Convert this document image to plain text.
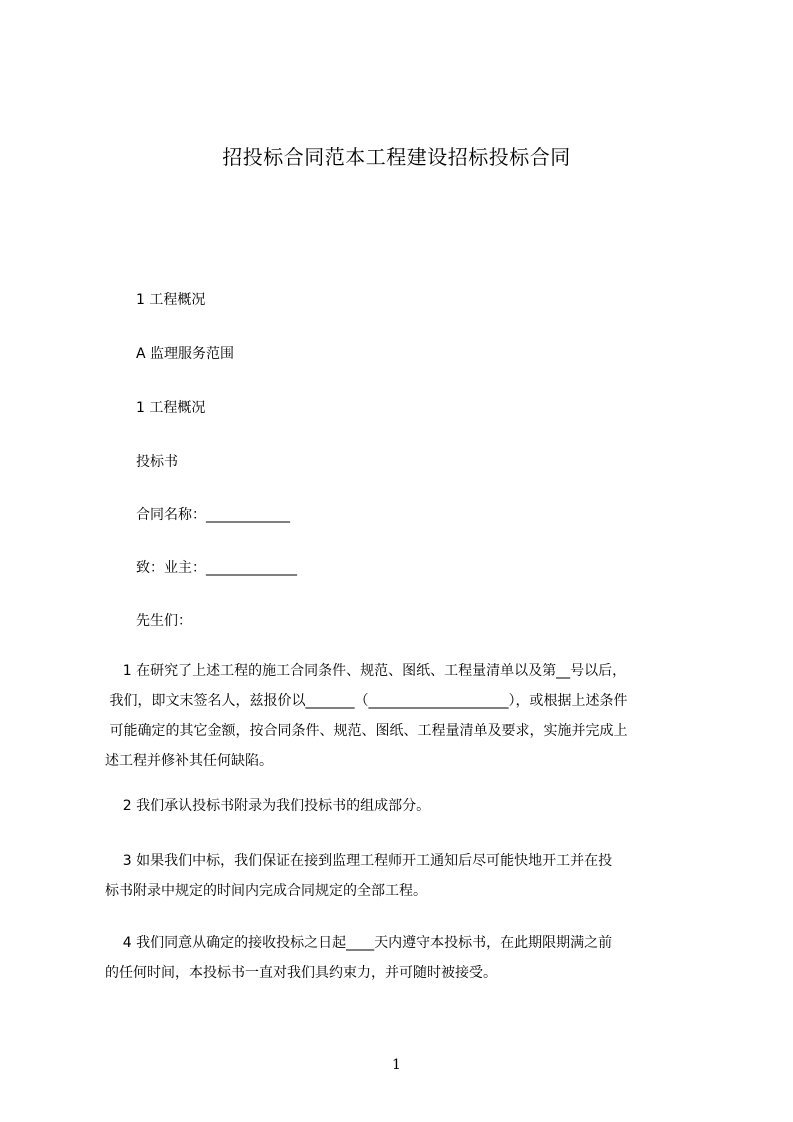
招投标合同范本工程建设招标投标合同

1 工程概况

A 监理服务范围

1 工程概况

投标书

合同名称：____________

致：业主：_____________

先生们：

1 在研究了上述工程的施工合同条件、规范、图纸、工程量清单以及第__号以后，
我们，即文末签名人，兹报价以_______（____________________），或根据上述条件
可能确定的其它金额，按合同条件、规范、图纸、工程量清单及要求，实施并完成上
述工程并修补其任何缺陷。
2 我们承认投标书附录为我们投标书的组成部分。
3 如果我们中标，我们保证在接到监理工程师开工通知后尽可能快地开工并在投
标书附录中规定的时间内完成合同规定的全部工程。
4 我们同意从确定的接收投标之日起____天内遵守本投标书，在此期限期满之前
的任何时间，本投标书一直对我们具约束力，并可随时被接受。
1
